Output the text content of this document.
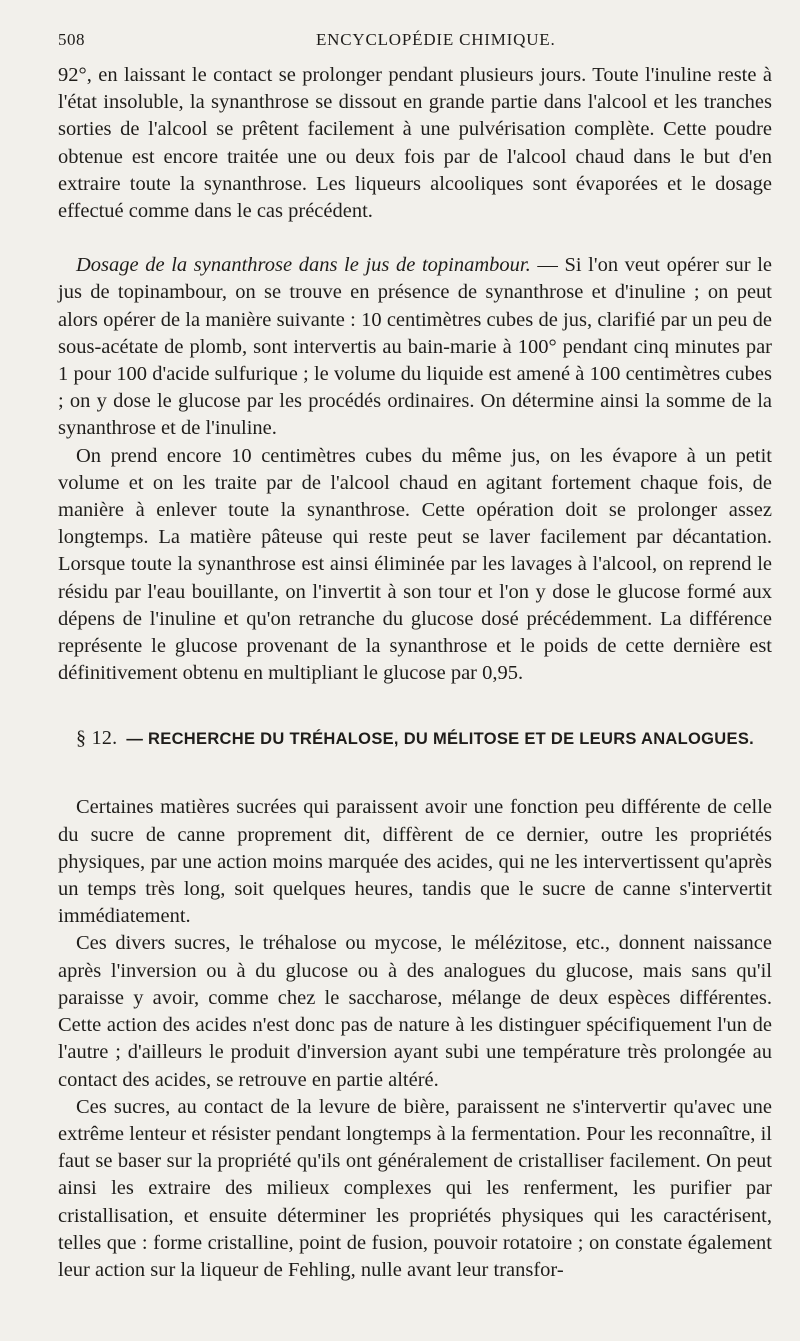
508	ENCYCLOPÉDIE CHIMIQUE.

92°, en laissant le contact se prolonger pendant plusieurs jours. Toute l'inuline reste à l'état insoluble, la synanthrose se dissout en grande partie dans l'alcool et les tranches sorties de l'alcool se prêtent facilement à une pulvérisation complète. Cette poudre obtenue est encore traitée une ou deux fois par de l'alcool chaud dans le but d'en extraire toute la synanthrose. Les liqueurs alcooliques sont évaporées et le dosage effectué comme dans le cas précédent.

Dosage de la synanthrose dans le jus de topinambour. — Si l'on veut opérer sur le jus de topinambour, on se trouve en présence de synanthrose et d'inuline ; on peut alors opérer de la manière suivante : 10 centimètres cubes de jus, clarifié par un peu de sous-acétate de plomb, sont intervertis au bain-marie à 100° pendant cinq minutes par 1 pour 100 d'acide sulfurique ; le volume du liquide est amené à 100 centimètres cubes ; on y dose le glucose par les procédés ordinaires. On détermine ainsi la somme de la synanthrose et de l'inuline.

On prend encore 10 centimètres cubes du même jus, on les évapore à un petit volume et on les traite par de l'alcool chaud en agitant fortement chaque fois, de manière à enlever toute la synanthrose. Cette opération doit se prolonger assez longtemps. La matière pâteuse qui reste peut se laver facilement par décantation. Lorsque toute la synanthrose est ainsi éliminée par les lavages à l'alcool, on reprend le résidu par l'eau bouillante, on l'invertit à son tour et l'on y dose le glucose formé aux dépens de l'inuline et qu'on retranche du glucose dosé précédemment. La différence représente le glucose provenant de la synanthrose et le poids de cette dernière est définitivement obtenu en multipliant le glucose par 0,95.

§ 12. — RECHERCHE DU TRÉHALOSE, DU MÉLITOSE ET DE LEURS ANALOGUES.

Certaines matières sucrées qui paraissent avoir une fonction peu différente de celle du sucre de canne proprement dit, diffèrent de ce dernier, outre les propriétés physiques, par une action moins marquée des acides, qui ne les intervertissent qu'après un temps très long, soit quelques heures, tandis que le sucre de canne s'intervertit immédiatement.

Ces divers sucres, le tréhalose ou mycose, le mélézitose, etc., donnent naissance après l'inversion ou à du glucose ou à des analogues du glucose, mais sans qu'il paraisse y avoir, comme chez le saccharose, mélange de deux espèces différentes. Cette action des acides n'est donc pas de nature à les distinguer spécifiquement l'un de l'autre ; d'ailleurs le produit d'inversion ayant subi une température très prolongée au contact des acides, se retrouve en partie altéré.

Ces sucres, au contact de la levure de bière, paraissent ne s'intervertir qu'avec une extrême lenteur et résister pendant longtemps à la fermentation. Pour les reconnaître, il faut se baser sur la propriété qu'ils ont généralement de cristalliser facilement. On peut ainsi les extraire des milieux complexes qui les renferment, les purifier par cristallisation, et ensuite déterminer les propriétés physiques qui les caractérisent, telles que : forme cristalline, point de fusion, pouvoir rotatoire ; on constate également leur action sur la liqueur de Fehling, nulle avant leur transfor-
